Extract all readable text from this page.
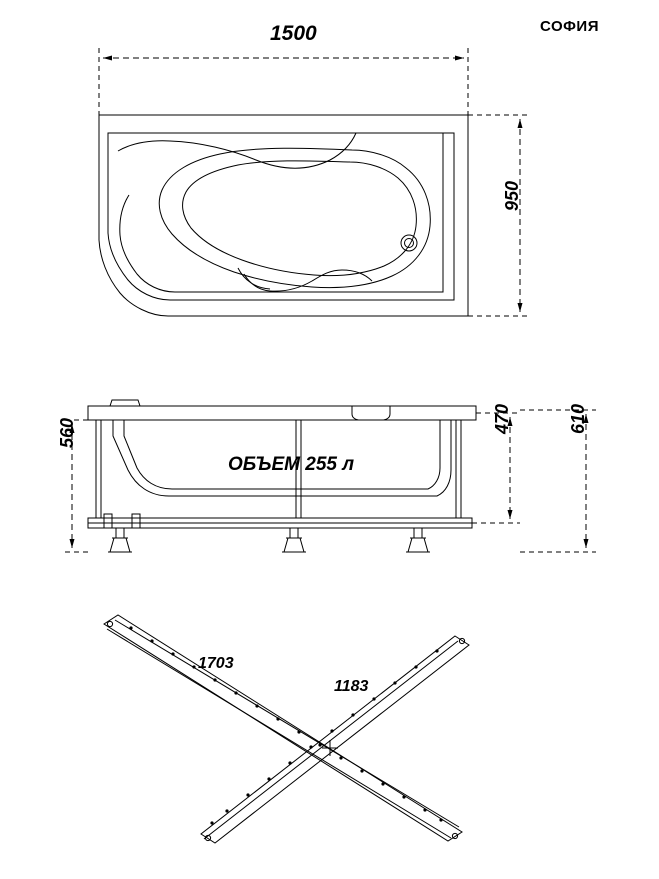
СОФИЯ
1500
950
560	470	610
ОБЪЕМ 255 л
1703
1183
